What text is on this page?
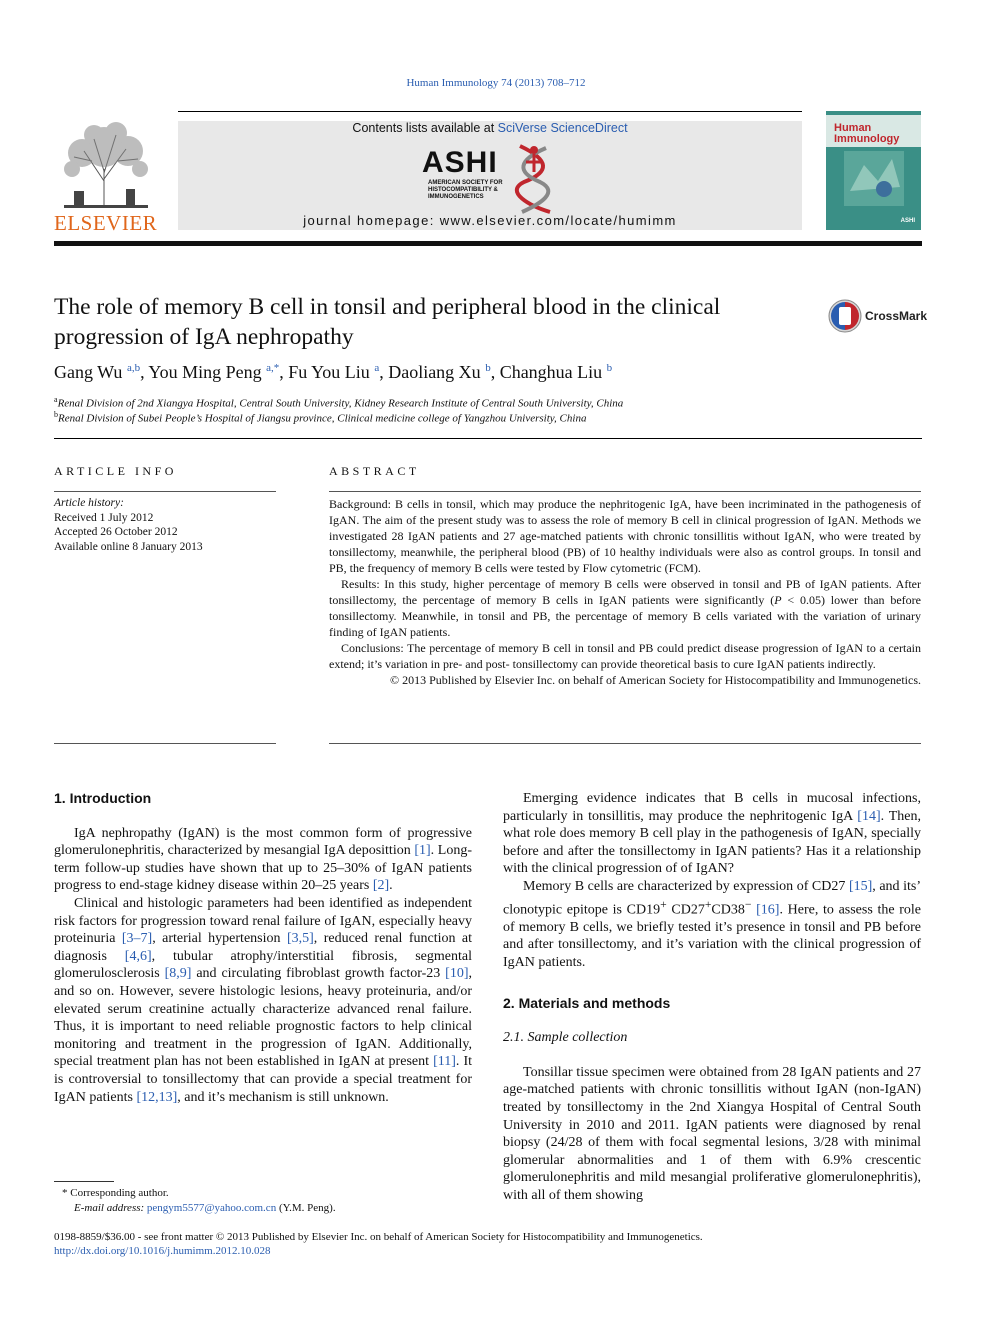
Human Immunology 74 (2013) 708–712
ELSEVIER
Contents lists available at SciVerse ScienceDirect
ASHI
AMERICAN SOCIETY FOR
HISTOCOMPATIBILITY &
IMMUNOGENETICS
journal homepage: www.elsevier.com/locate/humimm
Human
Immunology
ASHI
The role of memory B cell in tonsil and peripheral blood in the clinical progression of IgA nephropathy
CrossMark
Gang Wu $^{a,b}$, You Ming Peng $^{a,*}$, Fu You Liu $^a$, Daoliang Xu $^b$, Changhua Liu $^b$
$^a$Renal Division of 2nd Xiangya Hospital, Central South University, Kidney Research Institute of Central South University, China
$^b$Renal Division of Subei People’s Hospital of Jiangsu province, Clinical medicine college of Yangzhou University, China
ARTICLE INFO
Article history:
Received 1 July 2012
Accepted 26 October 2012
Available online 8 January 2013
ABSTRACT

Background: B cells in tonsil, which may produce the nephritogenic IgA, have been incriminated in the pathogenesis of IgAN. The aim of the present study was to assess the role of memory B cell in clinical progression of IgAN. Methods we investigated 28 IgAN patients and 27 age-matched patients with chronic tonsillitis without IgAN, who were treated by tonsillectomy, meanwhile, the peripheral blood (PB) of 10 healthy individuals were also as control groups. In tonsil and PB, the frequency of memory B cells were tested by Flow cytometric (FCM).

Results: In this study, higher percentage of memory B cells were observed in tonsil and PB of IgAN patients. After tonsillectomy, the percentage of memory B cells in IgAN patients were significantly (P < 0.05) lower than before tonsillectomy. Meanwhile, in tonsil and PB, the percentage of memory B cells variated with the variation of urinary finding of IgAN patients.

Conclusions: The percentage of memory B cell in tonsil and PB could predict disease progression of IgAN to a certain extend; it’s variation in pre- and post- tonsillectomy can provide theoretical basis to cure IgAN patients indirectly.

© 2013 Published by Elsevier Inc. on behalf of American Society for Histocompatibility and Immunogenetics.

1. Introduction

IgA nephropathy (IgAN) is the most common form of progressive glomerulonephritis, characterized by mesangial IgA deposittion [1]. Long-term follow-up studies have shown that up to 25–30% of IgAN patients progress to end-stage kidney disease within 20–25 years [2].

Clinical and histologic parameters had been identified as independent risk factors for progression toward renal failure of IgAN, especially heavy proteinuria [3–7], arterial hypertension [3,5], reduced renal function at diagnosis [4,6], tubular atrophy/interstitial fibrosis, segmental glomerulosclerosis [8,9] and circulating fibroblast growth factor-23 [10], and so on. However, severe histologic lesions, heavy proteinuria, and/or elevated serum creatinine actually characterize advanced renal failure. Thus, it is important to need reliable prognostic factors to help clinical monitoring and treatment in the progression of IgAN. Additionally, special treatment plan has not been established in IgAN at present [11]. It is controversial to tonsillectomy that can provide a special treatment for IgAN patients [12,13], and it’s mechanism is still unknown.

Emerging evidence indicates that B cells in mucosal infections, particularly in tonsillitis, may produce the nephritogenic IgA [14]. Then, what role does memory B cell play in the pathogenesis of IgAN, specially before and after the tonsillectomy in IgAN patients? Has it a relationship with the clinical progression of of IgAN?

Memory B cells are characterized by expression of CD27 [15], and its’ clonotypic epitope is CD19+ CD27+CD38− [16]. Here, to assess the role of memory B cells, we briefly tested it’s presence in tonsil and PB before and after tonsillectomy, and it’s variation with the clinical progression of IgAN patients.

2. Materials and methods
2.1. Sample collection

Tonsillar tissue specimen were obtained from 28 IgAN patients and 27 age-matched patients with chronic tonsillitis without IgAN (non-IgAN) treated by tonsillectomy in the 2nd Xiangya Hospital of Central South University in 2010 and 2011. IgAN patients were diagnosed by renal biopsy (24/28 of them with focal segmental lesions, 3/28 with minimal glomerular abnormalities and 1 of them with 6.9% crescentic glomerulonephritis and mild mesangial proliferative glomerulonephritis), with all of them showing

* Corresponding author.
E-mail address: pengym5577@yahoo.com.cn (Y.M. Peng).
0198-8859/$36.00 - see front matter © 2013 Published by Elsevier Inc. on behalf of American Society for Histocompatibility and Immunogenetics.
http://dx.doi.org/10.1016/j.humimm.2012.10.028
